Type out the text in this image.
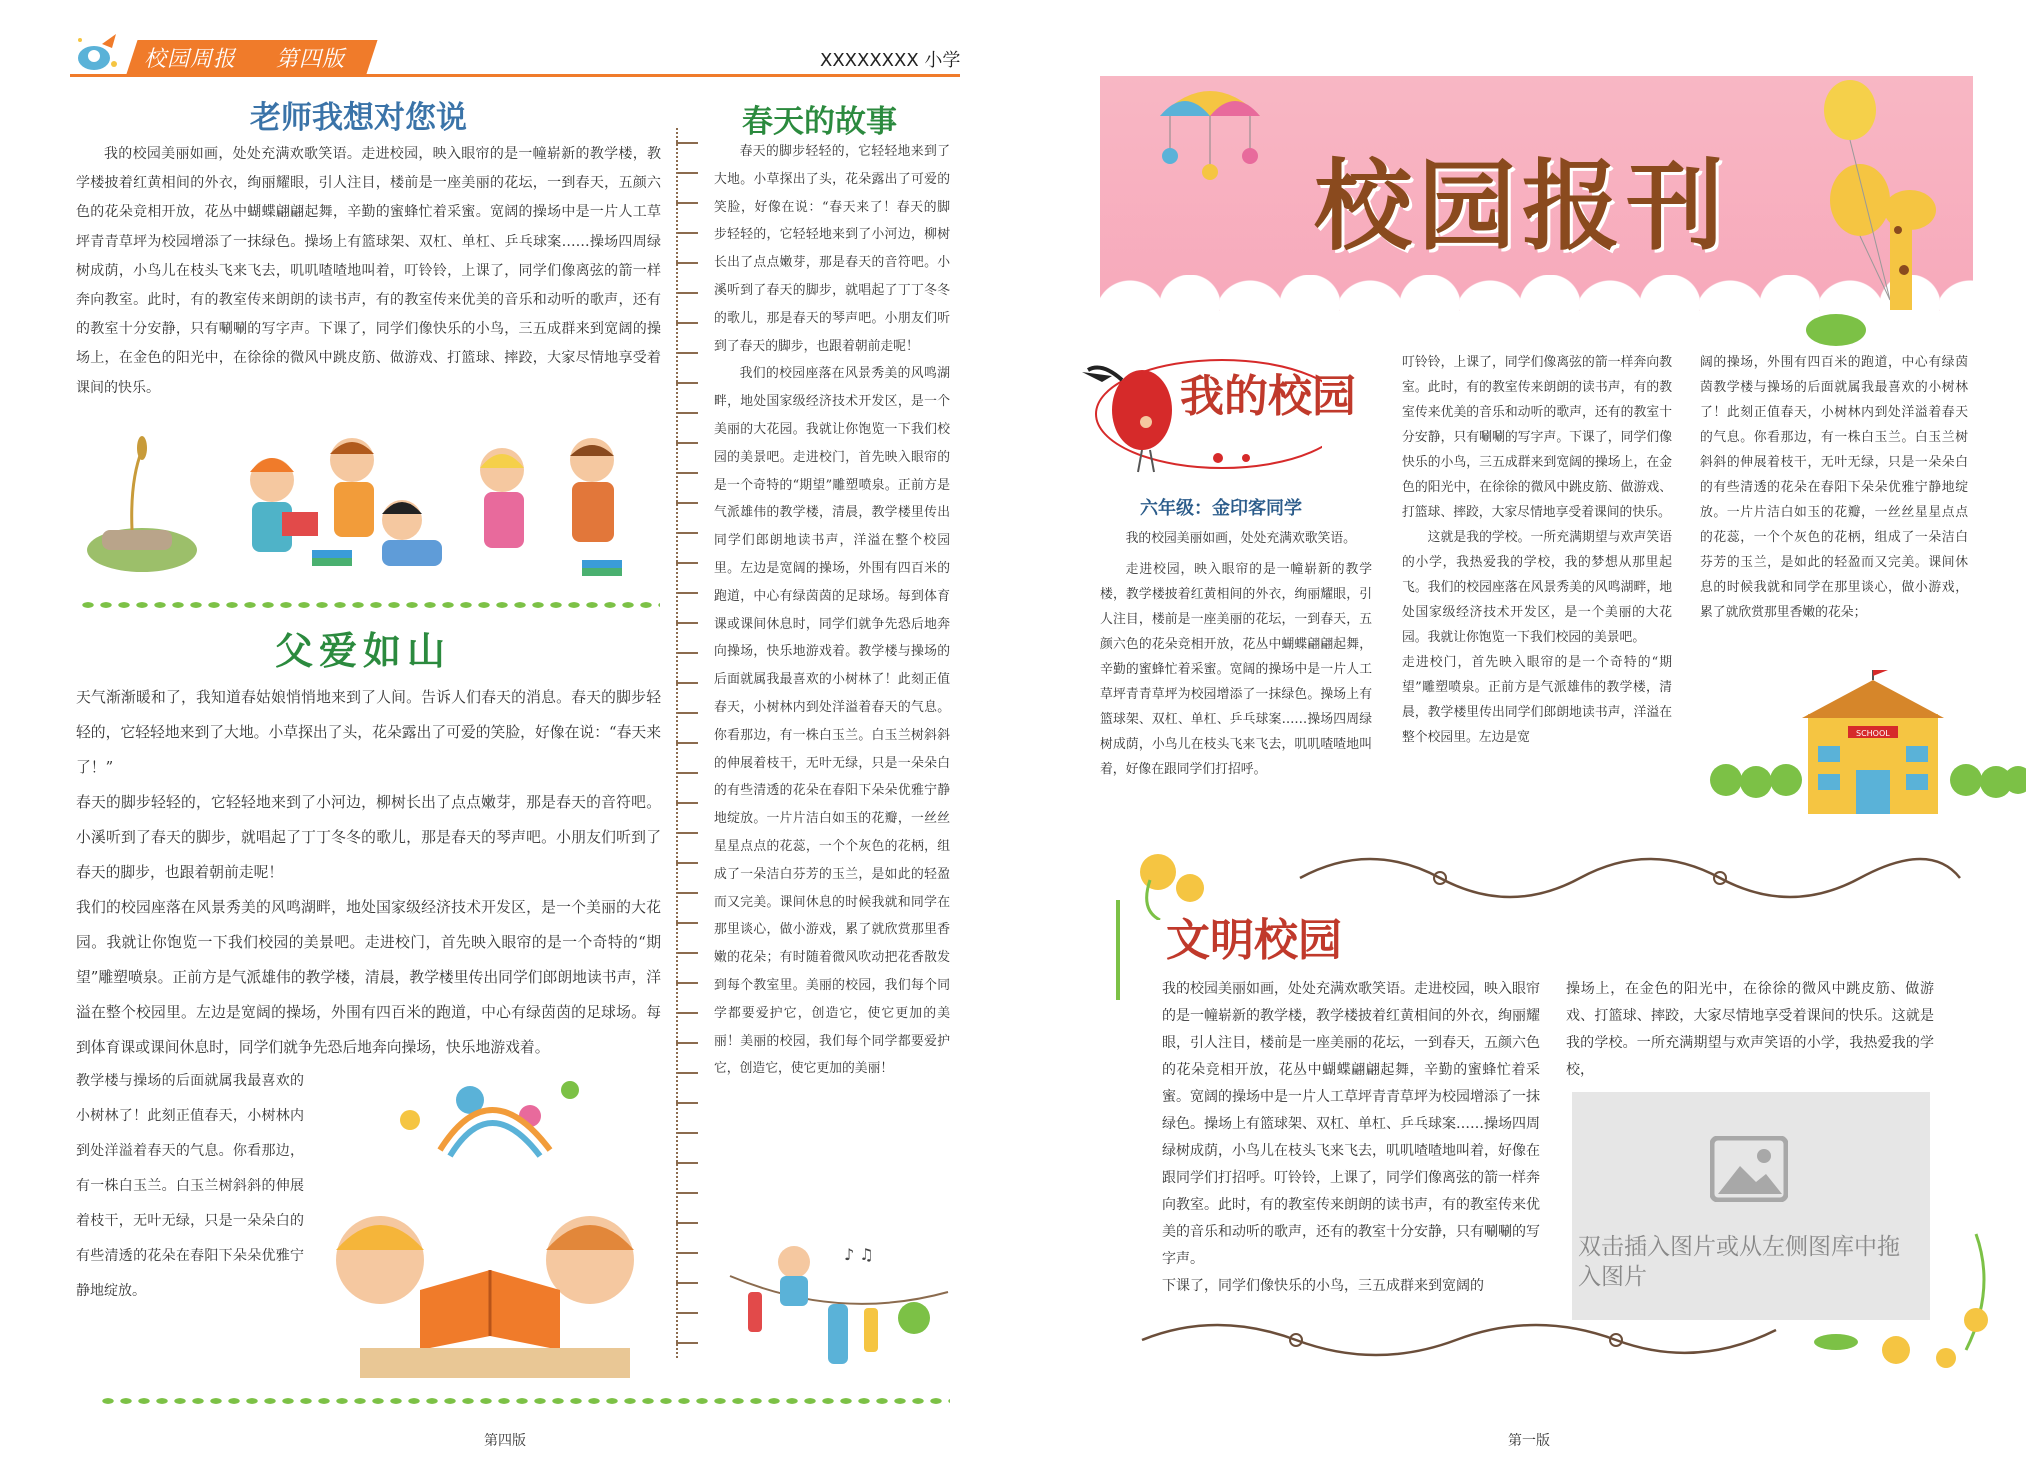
校园周报 第四版	XXXXXXXX 小学
老师我想对您说

我的校园美丽如画，处处充满欢歌笑语。走进校园，映入眼帘的是一幢崭新的教学楼，教学楼披着红黄相间的外衣，绚丽耀眼，引人注目，楼前是一座美丽的花坛，一到春天，五颜六色的花朵竞相开放，花丛中蝴蝶翩翩起舞，辛勤的蜜蜂忙着采蜜。宽阔的操场中是一片人工草坪青青草坪为校园增添了一抹绿色。操场上有篮球架、双杠、单杠、乒乓球案……操场四周绿树成荫，小鸟儿在枝头飞来飞去，叽叽喳喳地叫着，叮铃铃，上课了，同学们像离弦的箭一样奔向教室。此时，有的教室传来朗朗的读书声，有的教室传来优美的音乐和动听的歌声，还有的教室十分安静，只有唰唰的写字声。下课了，同学们像快乐的小鸟，三五成群来到宽阔的操场上，在金色的阳光中，在徐徐的微风中跳皮筋、做游戏、打篮球、摔跤，大家尽情地享受着课间的快乐。

父爱如山

天气渐渐暖和了，我知道春姑娘悄悄地来到了人间。告诉人们春天的消息。春天的脚步轻轻的，它轻轻地来到了大地。小草探出了头，花朵露出了可爱的笑脸，好像在说：“春天来了！”

春天的脚步轻轻的，它轻轻地来到了小河边，柳树长出了点点嫩芽，那是春天的音符吧。小溪听到了春天的脚步，就唱起了丁丁冬冬的歌儿，那是春天的琴声吧。小朋友们听到了春天的脚步，也跟着朝前走呢！

我们的校园座落在风景秀美的风鸣湖畔，地处国家级经济技术开发区，是一个美丽的大花园。我就让你饱览一下我们校园的美景吧。走进校门，首先映入眼帘的是一个奇特的“期望”雕塑喷泉。正前方是气派雄伟的教学楼，清晨，教学楼里传出同学们郎朗地读书声，洋溢在整个校园里。左边是宽阔的操场，外围有四百米的跑道，中心有绿茵茵的足球场。每到体育课或课间休息时，同学们就争先恐后地奔向操场，快乐地游戏着。

教学楼与操场的后面就属我最喜欢的小树林了！此刻正值春天，小树林内到处洋溢着春天的气息。你看那边，有一株白玉兰。白玉兰树斜斜的伸展着枝干，无叶无绿，只是一朵朵白的有些清透的花朵在春阳下朵朵优雅宁静地绽放。

春天的故事

春天的脚步轻轻的，它轻轻地来到了大地。小草探出了头，花朵露出了可爱的笑脸，好像在说：“春天来了！春天的脚步轻轻的，它轻轻地来到了小河边，柳树长出了点点嫩芽，那是春天的音符吧。小溪听到了春天的脚步，就唱起了丁丁冬冬的歌儿，那是春天的琴声吧。小朋友们听到了春天的脚步，也跟着朝前走呢！

我们的校园座落在风景秀美的风鸣湖畔，地处国家级经济技术开发区，是一个美丽的大花园。我就让你饱览一下我们校园的美景吧。走进校门，首先映入眼帘的是一个奇特的“期望”雕塑喷泉。正前方是气派雄伟的教学楼，清晨，教学楼里传出同学们郎朗地读书声，洋溢在整个校园里。左边是宽阔的操场，外围有四百米的跑道，中心有绿茵茵的足球场。每到体育课或课间休息时，同学们就争先恐后地奔向操场，快乐地游戏着。教学楼与操场的后面就属我最喜欢的小树林了！此刻正值春天，小树林内到处洋溢着春天的气息。你看那边，有一株白玉兰。白玉兰树斜斜的伸展着枝干，无叶无绿，只是一朵朵白的有些清透的花朵在春阳下朵朵优雅宁静地绽放。一片片洁白如玉的花瓣，一丝丝星星点点的花蕊，一个个灰色的花柄，组成了一朵洁白芬芳的玉兰，是如此的轻盈而又完美。课间休息的时候我就和同学在那里谈心，做小游戏，累了就欣赏那里香嫩的花朵；有时随着微风吹动把花香散发到每个教室里。美丽的校园，我们每个同学都要爱护它，创造它，使它更加的美丽！美丽的校园，我们每个同学都要爱护它，创造它，使它更加的美丽！

♪ ♫
第四版
校园报刊
我的校园
六年级：金印客同学

我的校园美丽如画，处处充满欢歌笑语。

走进校园，映入眼帘的是一幢崭新的教学楼，教学楼披着红黄相间的外衣，绚丽耀眼，引人注目，楼前是一座美丽的花坛，一到春天，五颜六色的花朵竞相开放，花丛中蝴蝶翩翩起舞，辛勤的蜜蜂忙着采蜜。宽阔的操场中是一片人工草坪青青草坪为校园增添了一抹绿色。操场上有篮球架、双杠、单杠、乒乓球案……操场四周绿树成荫，小鸟儿在枝头飞来飞去，叽叽喳喳地叫着，好像在跟同学们打招呼。

叮铃铃，上课了，同学们像离弦的箭一样奔向教室。此时，有的教室传来朗朗的读书声，有的教室传来优美的音乐和动听的歌声，还有的教室十分安静，只有唰唰的写字声。下课了，同学们像快乐的小鸟，三五成群来到宽阔的操场上，在金色的阳光中，在徐徐的微风中跳皮筋、做游戏、打篮球、摔跤，大家尽情地享受着课间的快乐。

这就是我的学校。一所充满期望与欢声笑语的小学，我热爱我的学校，我的梦想从那里起飞。我们的校园座落在风景秀美的风鸣湖畔，地处国家级经济技术开发区，是一个美丽的大花园。我就让你饱览一下我们校园的美景吧。

走进校门，首先映入眼帘的是一个奇特的“期望”雕塑喷泉。正前方是气派雄伟的教学楼，清晨，教学楼里传出同学们郎朗地读书声，洋溢在整个校园里。左边是宽

阔的操场，外围有四百米的跑道，中心有绿茵茵教学楼与操场的后面就属我最喜欢的小树林了！此刻正值春天，小树林内到处洋溢着春天的气息。你看那边，有一株白玉兰。白玉兰树斜斜的伸展着枝干，无叶无绿，只是一朵朵白的有些清透的花朵在春阳下朵朵优雅宁静地绽放。一片片洁白如玉的花瓣，一丝丝星星点点的花蕊，一个个灰色的花柄，组成了一朵洁白芬芳的玉兰，是如此的轻盈而又完美。课间休息的时候我就和同学在那里谈心，做小游戏，累了就欣赏那里香嫩的花朵；

SCHOOL
文明校园

我的校园美丽如画，处处充满欢歌笑语。走进校园，映入眼帘的是一幢崭新的教学楼，教学楼披着红黄相间的外衣，绚丽耀眼，引人注目，楼前是一座美丽的花坛，一到春天，五颜六色的花朵竞相开放，花丛中蝴蝶翩翩起舞，辛勤的蜜蜂忙着采蜜。宽阔的操场中是一片人工草坪青青草坪为校园增添了一抹绿色。操场上有篮球架、双杠、单杠、乒乓球案……操场四周绿树成荫，小鸟儿在枝头飞来飞去，叽叽喳喳地叫着，好像在跟同学们打招呼。叮铃铃，上课了，同学们像离弦的箭一样奔向教室。此时，有的教室传来朗朗的读书声，有的教室传来优美的音乐和动听的歌声，还有的教室十分安静，只有唰唰的写字声。

下课了，同学们像快乐的小鸟，三五成群来到宽阔的

操场上，在金色的阳光中，在徐徐的微风中跳皮筋、做游戏、打篮球、摔跤，大家尽情地享受着课间的快乐。这就是我的学校。一所充满期望与欢声笑语的小学，我热爱我的学校，

双击插入图片或从左侧图库中拖入图片
第一版
